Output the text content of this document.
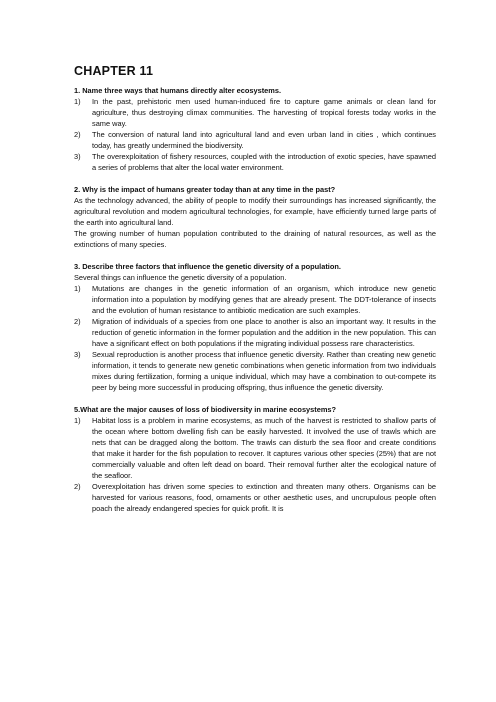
CHAPTER 11
1. Name three ways that humans directly alter ecosystems.
1)	In the past, prehistoric men used human-induced fire to capture game animals or clean land for agriculture, thus destroying climax communities. The harvesting of tropical forests today works in the same way.
2)	The conversion of natural land into agricultural land and even urban land in cities , which continues today, has greatly undermined the biodiversity.
3)	The overexploitation of fishery resources, coupled with the introduction of exotic species, have spawned a series of problems that alter the local water environment.
2. Why is the impact of humans greater today than at any time in the past?
As the technology advanced, the ability of people to modify their surroundings has increased significantly, the agricultural revolution and modern agricultural technologies, for example, have efficiently turned large parts of the earth into agricultural land.
The growing number of human population contributed to the draining of natural resources, as well as the extinctions of many species.
3. Describe three factors that influence the genetic diversity of a population.
Several things can influence the genetic diversity of a population.
1)	Mutations are changes in the genetic information of an organism, which introduce new genetic information into a population by modifying genes that are already present. The DDT-tolerance of insects and the evolution of human resistance to antibiotic medication are such examples.
2)	Migration of individuals of a species from one place to another is also an important way. It results in the reduction of genetic information in the former population and the addition in the new population. This can have a significant effect on both populations if the migrating individual possess rare characteristics.
3)	Sexual reproduction is another process that influence genetic diversity. Rather than creating new genetic information, it tends to generate new genetic combinations when genetic information from two individuals mixes during fertilization, forming a unique individual, which may have a combination to out-compete its peer by being more successful in producing offspring, thus influence the genetic diversity.
5.What are the major causes of loss of biodiversity in marine ecosystems?
1)	Habitat loss is a problem in marine ecosystems, as much of the harvest is restricted to shallow parts of the ocean where bottom dwelling fish can be easily harvested. It involved the use of trawls which are nets that can be dragged along the bottom. The trawls can disturb the sea floor and create conditions that make it harder for the fish population to recover. It captures various other species (25%) that are not commercially valuable and often left dead on board. Their removal further alter the ecological nature of the seafloor.
2)	Overexploitation has driven some species to extinction and threaten many others. Organisms can be harvested for various reasons, food, ornaments or other aesthetic uses, and uncrupulous people often poach the already endangered species for quick profit. It is
